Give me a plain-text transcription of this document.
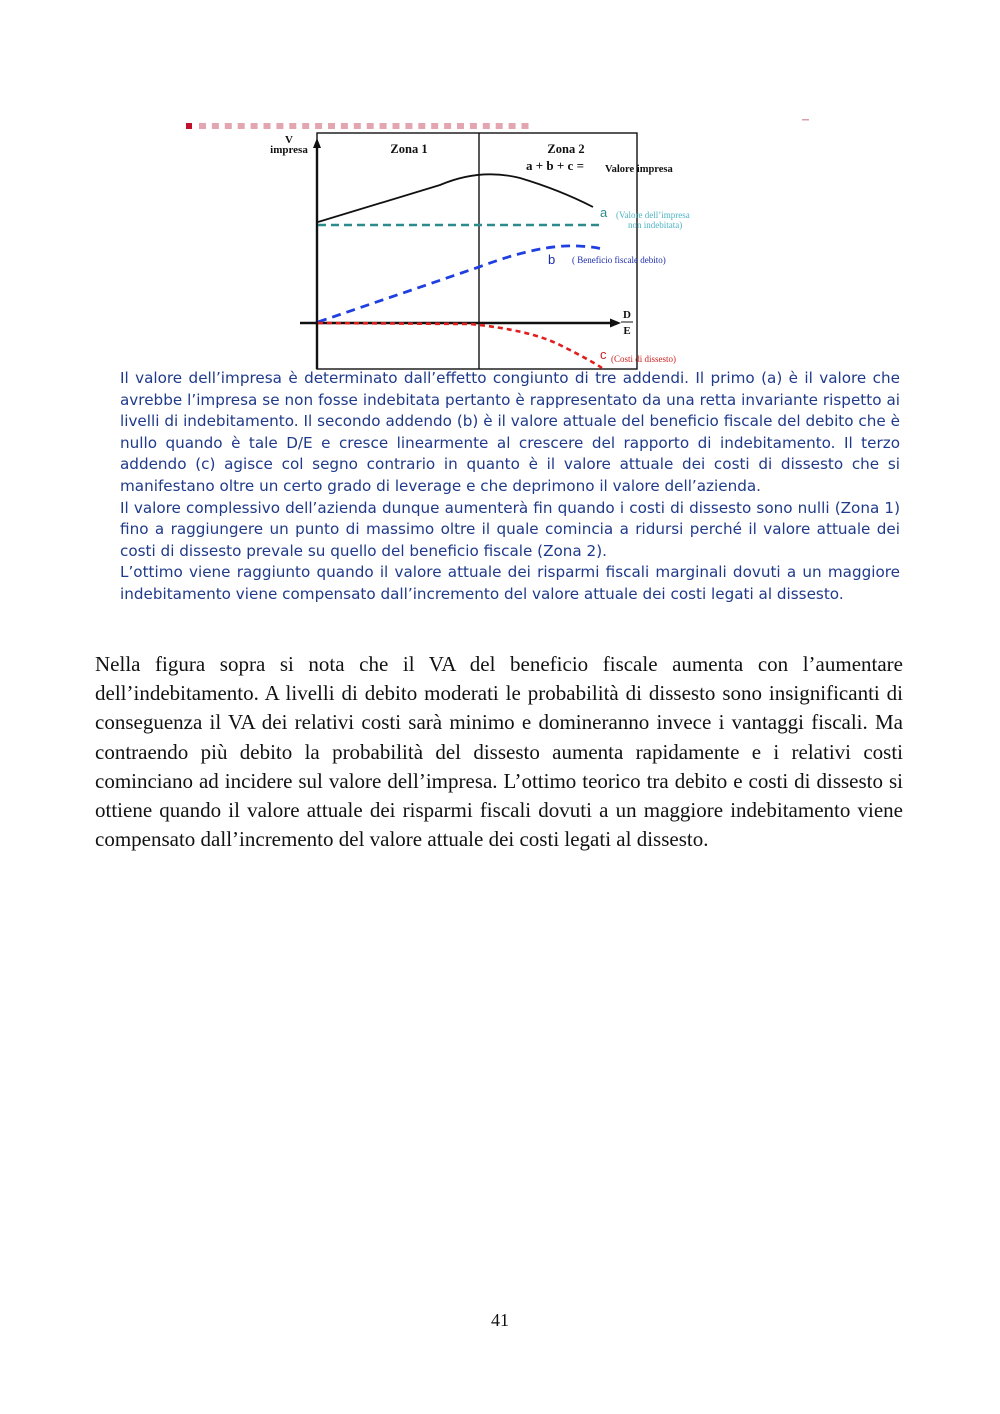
V
impresa	Zona 1	Zona 2
a + b + c = Valore impresa
a (Valore dell’impresa
non indebitata)
b ( Beneficio fiscale debito)
D
E
c (Costi di dissesto)

Il valore dell’impresa è determinato dall’effetto congiunto di tre addendi. Il primo (a) è il valore che avrebbe l’impresa se non fosse indebitata pertanto è rappresentato da una retta invariante rispetto ai livelli di indebitamento. Il secondo addendo (b) è il valore attuale del beneficio fiscale del debito che è nullo quando è tale D/E e cresce linearmente al crescere del rapporto di indebitamento. Il terzo addendo (c) agisce col segno contrario in quanto è il valore attuale dei costi di dissesto che si manifestano oltre un certo grado di leverage e che deprimono il valore dell’azienda.

Il valore complessivo dell’azienda dunque aumenterà fin quando i costi di dissesto sono nulli (Zona 1) fino a raggiungere un punto di massimo oltre il quale comincia a ridursi perché il valore attuale dei costi di dissesto prevale su quello del beneficio fiscale (Zona 2).

L’ottimo viene raggiunto quando il valore attuale dei risparmi fiscali marginali dovuti a un maggiore indebitamento viene compensato dall’incremento del valore attuale dei costi legati al dissesto.

Nella figura sopra si nota che il VA del beneficio fiscale aumenta con l’aumentare dell’indebitamento. A livelli di debito moderati le probabilità di dissesto sono insignificanti di conseguenza il VA dei relativi costi sarà minimo e domineranno invece i vantaggi fiscali. Ma contraendo più debito la probabilità del dissesto aumenta rapidamente e i relativi costi cominciano ad incidere sul valore dell’impresa. L’ottimo teorico tra debito e costi di dissesto si ottiene quando il valore attuale dei risparmi fiscali dovuti a un maggiore indebitamento viene compensato dall’incremento del valore attuale dei costi legati al dissesto.

41
